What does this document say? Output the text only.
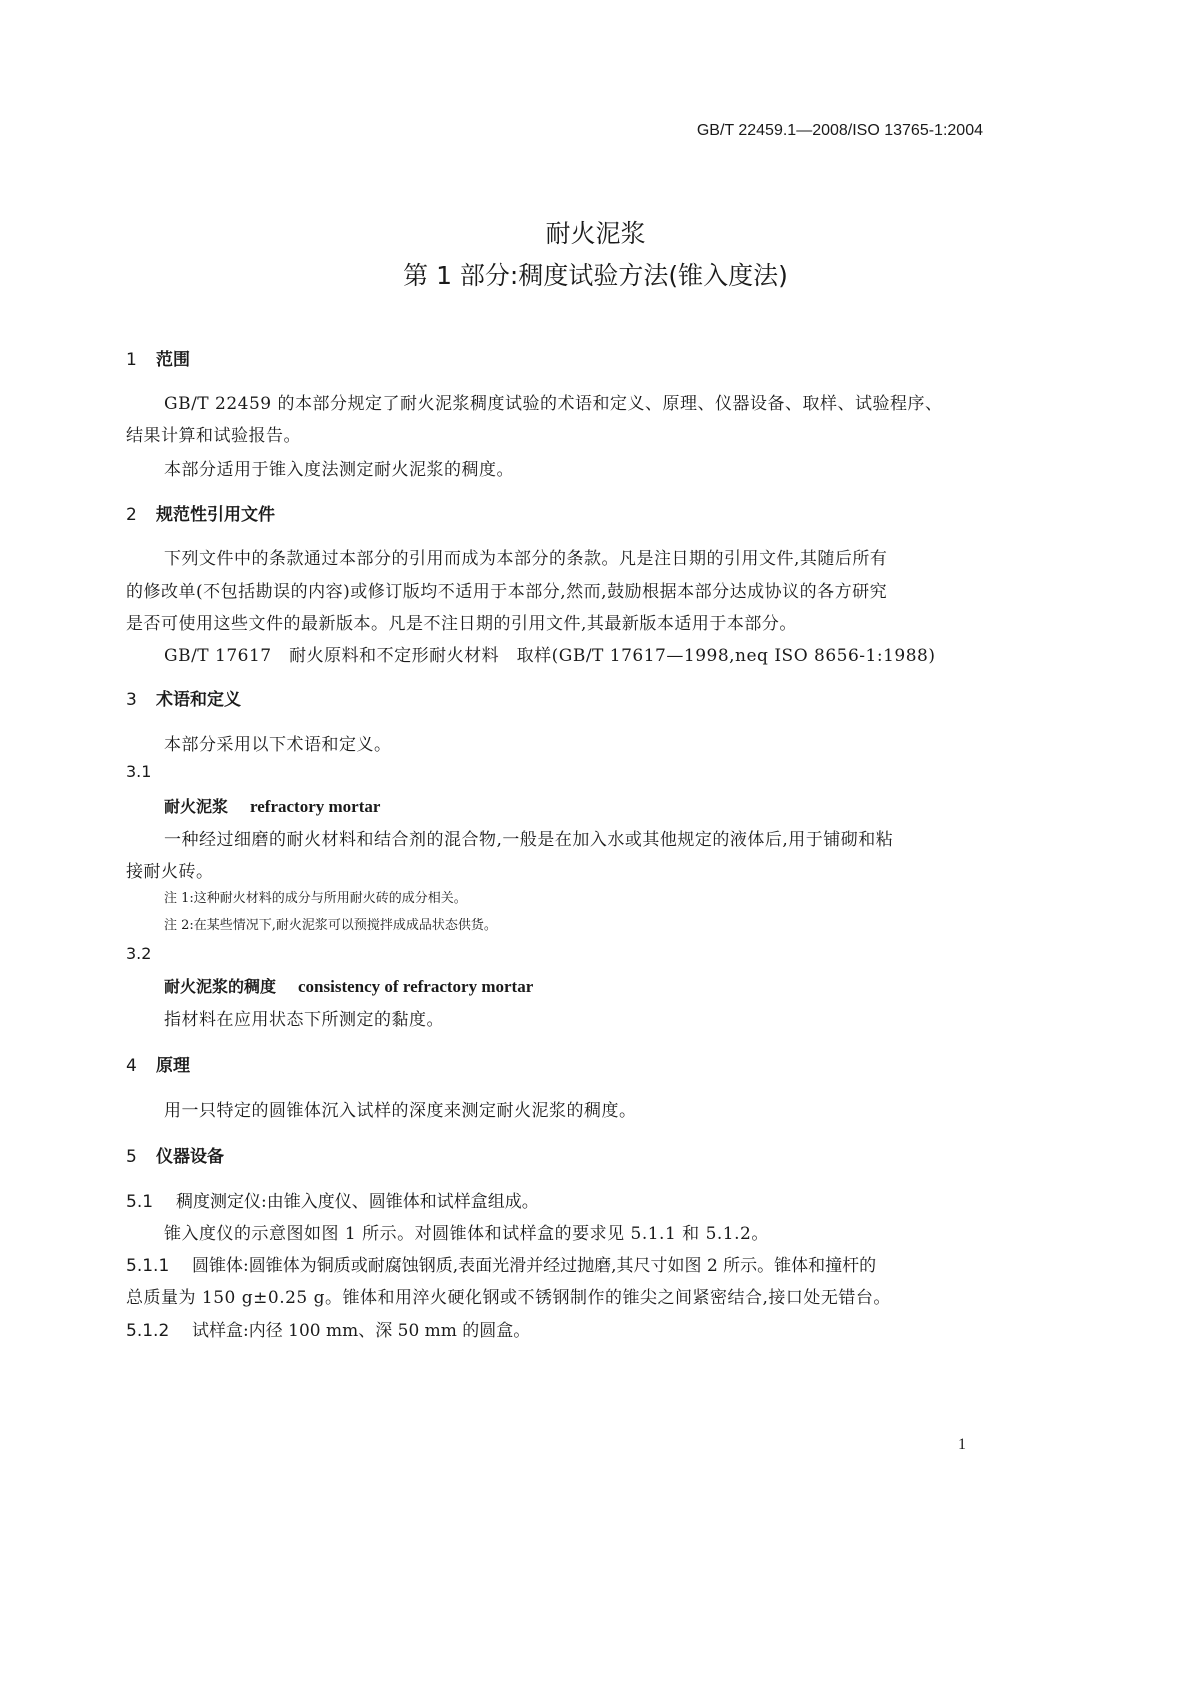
GB/T 22459.1—2008/ISO 13765-1:2004
耐火泥浆
第 1 部分:稠度试验方法(锥入度法)
1 范围
GB/T 22459 的本部分规定了耐火泥浆稠度试验的术语和定义、原理、仪器设备、取样、试验程序、
结果计算和试验报告。
本部分适用于锥入度法测定耐火泥浆的稠度。
2 规范性引用文件
下列文件中的条款通过本部分的引用而成为本部分的条款。凡是注日期的引用文件,其随后所有
的修改单(不包括勘误的内容)或修订版均不适用于本部分,然而,鼓励根据本部分达成协议的各方研究
是否可使用这些文件的最新版本。凡是不注日期的引用文件,其最新版本适用于本部分。
GB/T 17617　耐火原料和不定形耐火材料　取样(GB/T 17617—1998,neq ISO 8656-1:1988)
3 术语和定义
本部分采用以下术语和定义。
3.1
耐火泥浆 refractory mortar
一种经过细磨的耐火材料和结合剂的混合物,一般是在加入水或其他规定的液体后,用于铺砌和粘
接耐火砖。
注 1:这种耐火材料的成分与所用耐火砖的成分相关。
注 2:在某些情况下,耐火泥浆可以预搅拌成成品状态供货。
3.2
耐火泥浆的稠度 consistency of refractory mortar
指材料在应用状态下所测定的黏度。
4 原理
用一只特定的圆锥体沉入试样的深度来测定耐火泥浆的稠度。
5 仪器设备
5.1 稠度测定仪:由锥入度仪、圆锥体和试样盒组成。
锥入度仪的示意图如图 1 所示。对圆锥体和试样盒的要求见 5.1.1 和 5.1.2。
5.1.1 圆锥体:圆锥体为铜质或耐腐蚀钢质,表面光滑并经过抛磨,其尺寸如图 2 所示。锥体和撞杆的
总质量为 150 g±0.25 g。锥体和用淬火硬化钢或不锈钢制作的锥尖之间紧密结合,接口处无错台。
5.1.2 试样盒:内径 100 mm、深 50 mm 的圆盒。
1
